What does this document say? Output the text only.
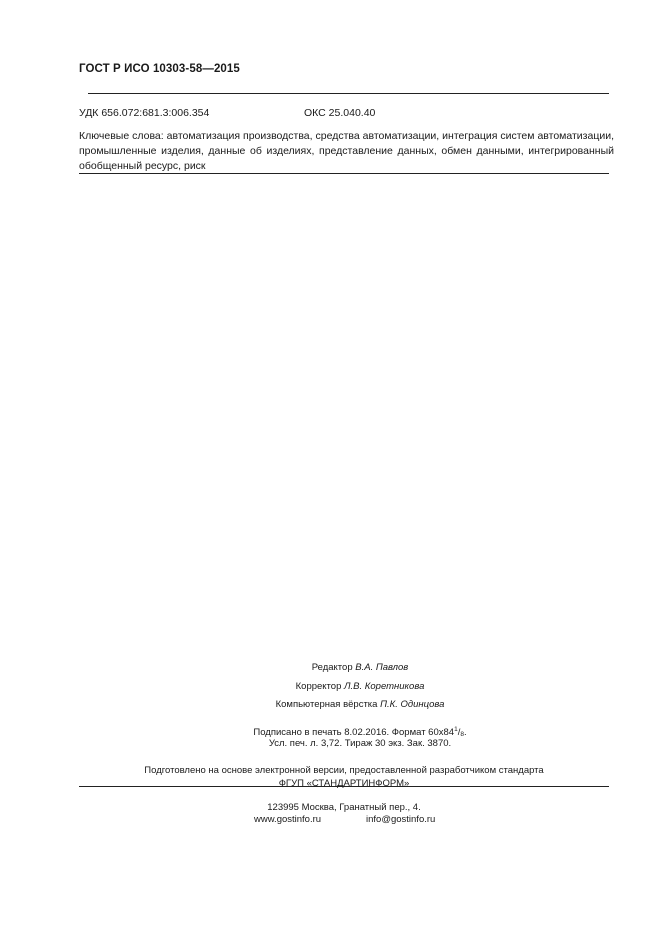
ГОСТ Р ИСО 10303-58—2015
УДК 656.072:681.3:006.354	ОКС 25.040.40
Ключевые слова: автоматизация производства, средства автоматизации, интеграция систем автоматизации, промышленные изделия, данные об изделиях, представление данных, обмен данными, интегрированный обобщенный ресурс, риск
Редактор В.А. Павлов
Корректор Л.В. Коретникова
Компьютерная вёрстка П.К. Одинцова
Подписано в печать 8.02.2016. Формат $60х84^1/_8$.
Усл. печ. л. 3,72. Тираж 30 экз. Зак. 3870.
Подготовлено на основе электронной версии, предоставленной разработчиком стандарта
ФГУП «СТАНДАРТИНФОРМ»
123995 Москва, Гранатный пер., 4.
www.gostinfo.ru	info@gostinfo.ru
